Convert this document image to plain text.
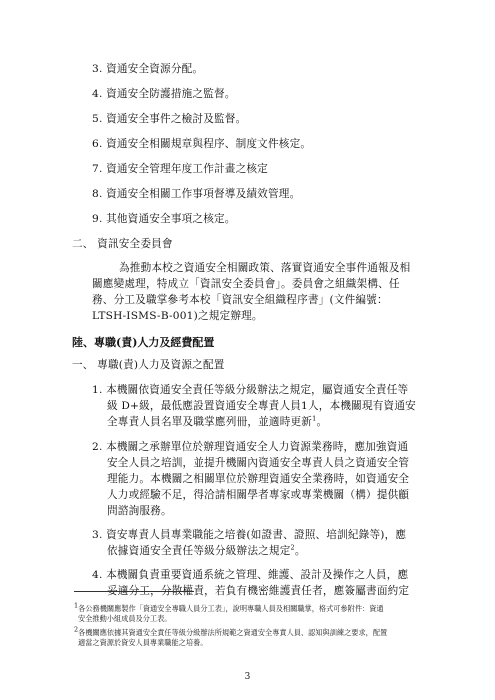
3. 資通安全資源分配。
4. 資通安全防護措施之監督。
5. 資通安全事件之檢討及監督。
6. 資通安全相關規章與程序、制度文件核定。
7. 資通安全管理年度工作計畫之核定
8. 資通安全相關工作事項督導及績效管理。
9. 其他資通安全事項之核定。
二、 資訊安全委員會
為推動本校之資通安全相關政策、落實資通安全事件通報及相
關應變處理，特成立「資訊安全委員會」。委員會之組織架構、任
務、分工及職掌參考本校「資訊安全組織程序書」(文件編號：
LTSH-ISMS-B-001)之規定辦理。
陸、專職(責)人力及經費配置
一、 專職(責)人力及資源之配置
1. 本機關依資通安全責任等級分級辦法之規定，屬資通安全責任等
級 D+級，最低應設置資通安全專責人員1人，本機關現有資通安
全專責人員名單及職掌應列冊，並適時更新$^1$。
2. 本機關之承辦單位於辦理資通安全人力資源業務時，應加強資通
安全人員之培訓，並提升機關內資通安全專責人員之資通安全管
理能力。本機關之相關單位於辦理資通安全業務時，如資通安全
人力或經驗不足，得洽請相關學者專家或專業機關（構）提供顧
問諮詢服務。
3. 資安專責人員專業職能之培養(如證書、證照、培訓紀錄等)，應
依據資通安全責任等級分級辦法之規定$^2$。
4. 本機關負責重要資通系統之管理、維護、設計及操作之人員，應
妥適分工，分散權責，若負有機密維護責任者，應簽屬書面約定
$^1$各公務機關應製作「資通安全專職人員分工表」，說明專職人員及相關職掌，格式可參附件：資通
安全推動小組成員及分工表。
$^2$各機關應依據其資通安全責任等級分級辦法所規範之資通安全專責人員、認知與訓練之要求，配置
適當之資源於資安人員專業職能之培養。
3
